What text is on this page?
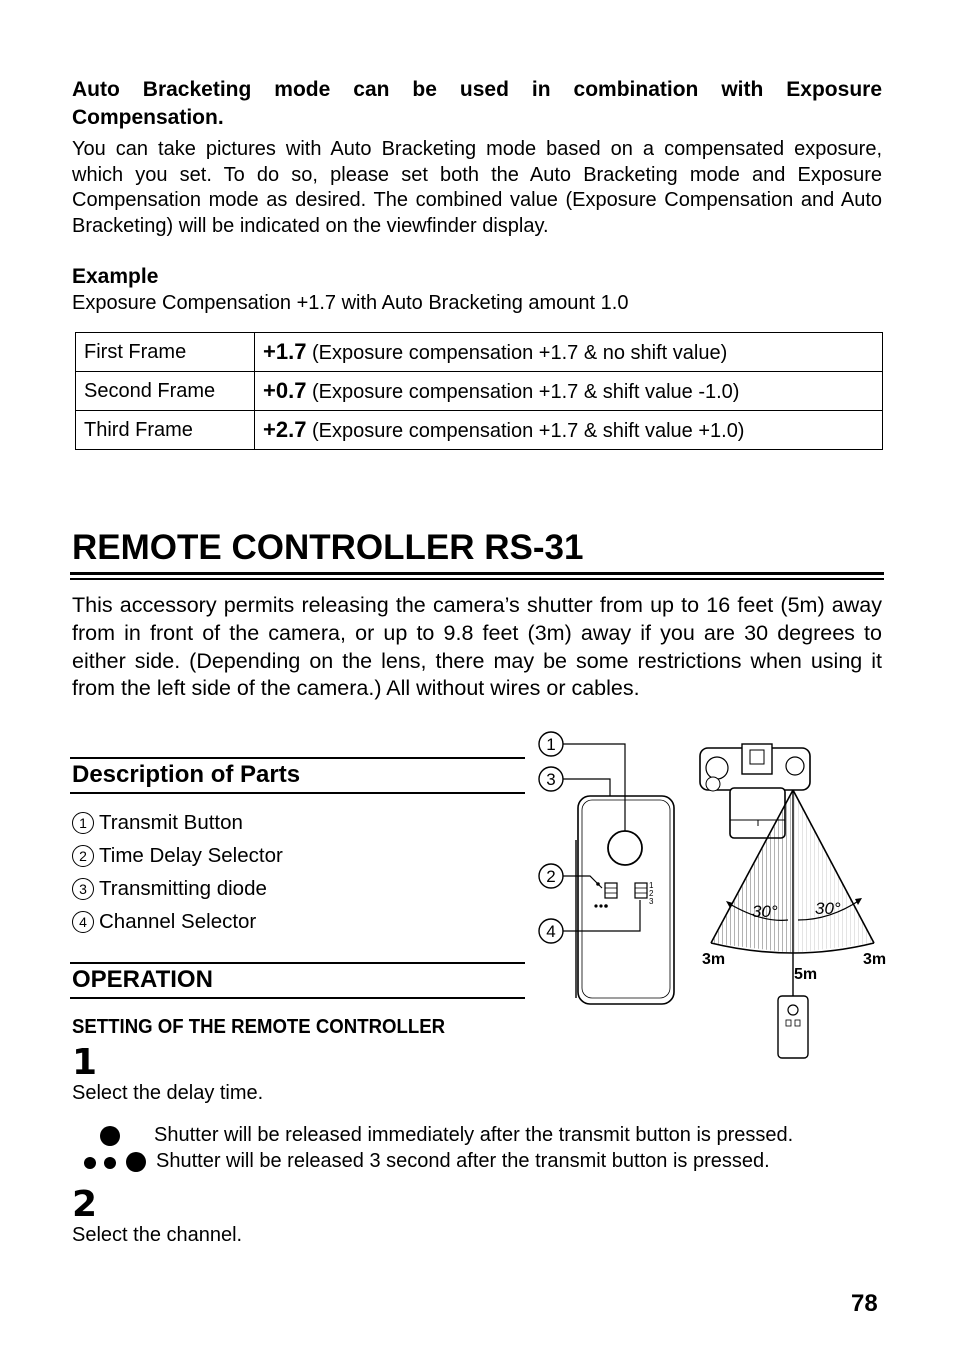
Auto Bracketing mode can be used in combination with Exposure Compensation.
You can take pictures with Auto Bracketing mode based on a compensated exposure, which you set. To do so, please set both the Auto Bracketing mode and Exposure Compensation mode as desired. The combined value (Exposure Compensation and Auto Bracketing) will be indicated on the viewfinder display.
Example
Exposure Compensation +1.7 with Auto Bracketing amount 1.0
First Frame	+1.7 (Exposure compensation +1.7 & no shift value)
Second Frame	+0.7 (Exposure compensation +1.7 & shift value -1.0)
Third Frame	+2.7 (Exposure compensation +1.7 & shift value +1.0)
REMOTE CONTROLLER RS-31
This accessory permits releasing the camera’s shutter from up to 16 feet (5m) away from in front of the camera, or up to 9.8 feet (3m) away if you are 30 degrees to either side. (Depending on the lens, there may be some restrictions when using it from the left side of the camera.) All without wires or cables.
Description of Parts
1 Transmit Button
2 Time Delay Selector
3 Transmitting diode
4 Channel Selector
OPERATION
SETTING OF THE REMOTE CONTROLLER
1
Select the delay time.
Shutter will be released immediately after the transmit button is pressed.
Shutter will be released 3 second after the transmit button is pressed.
2
Select the channel.
78
1
2
3
1
3
2
4
30° 30°
3m
5m
3m
